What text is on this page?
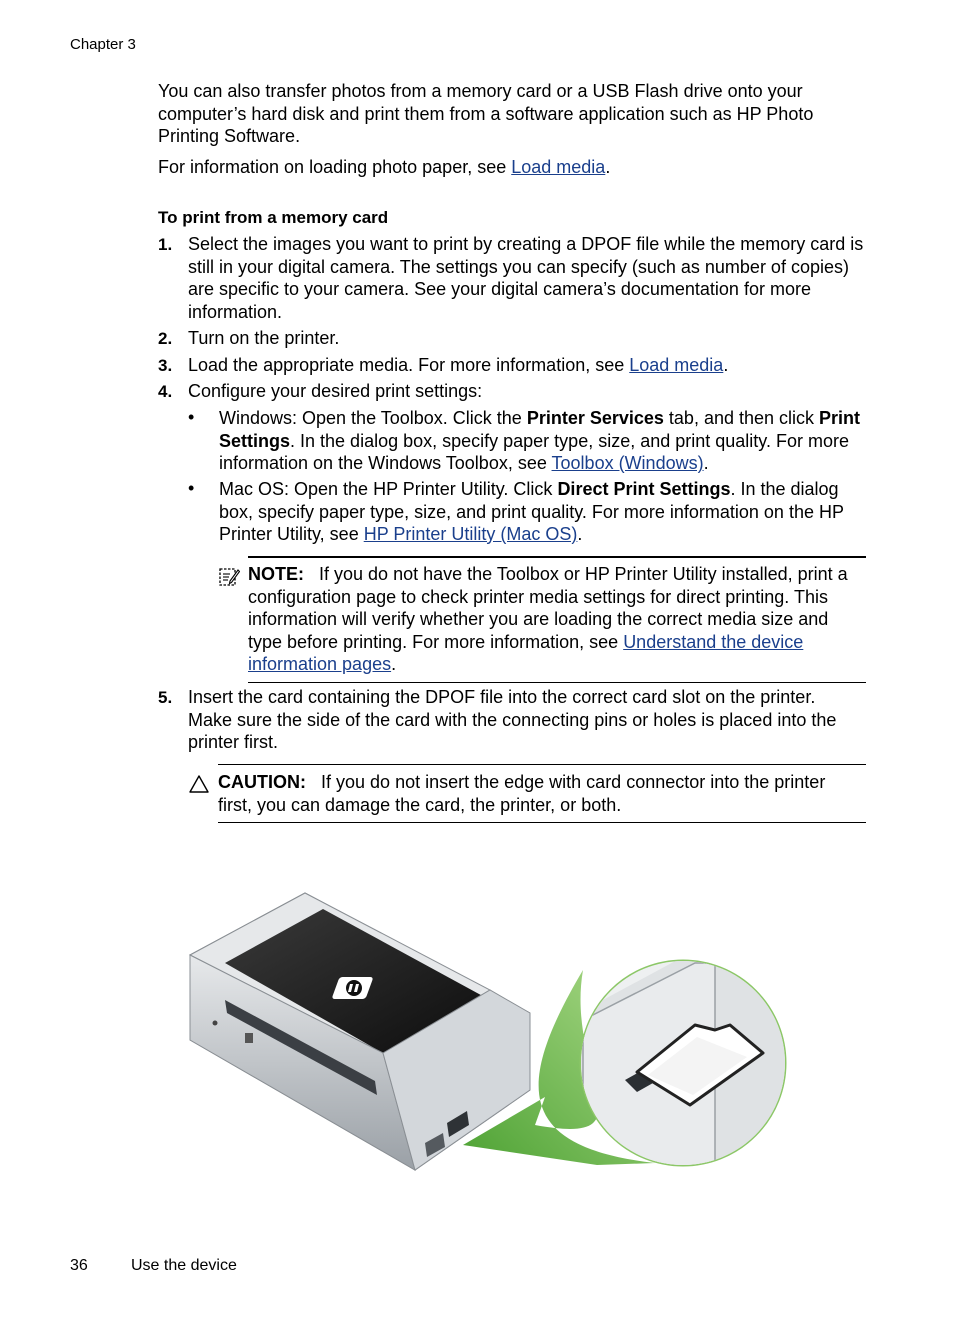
Chapter 3
You can also transfer photos from a memory card or a USB Flash drive onto your computer’s hard disk and print them from a software application such as HP Photo Printing Software.
For information on loading photo paper, see Load media.
To print from a memory card
1. Select the images you want to print by creating a DPOF file while the memory card is still in your digital camera. The settings you can specify (such as number of copies) are specific to your camera. See your digital camera’s documentation for more information.
2. Turn on the printer.
3. Load the appropriate media. For more information, see Load media.
4. Configure your desired print settings:
• Windows: Open the Toolbox. Click the Printer Services tab, and then click Print Settings. In the dialog box, specify paper type, size, and print quality. For more information on the Windows Toolbox, see Toolbox (Windows).
• Mac OS: Open the HP Printer Utility. Click Direct Print Settings. In the dialog box, specify paper type, size, and print quality. For more information on the HP Printer Utility, see HP Printer Utility (Mac OS).
NOTE: If you do not have the Toolbox or HP Printer Utility installed, print a configuration page to check printer media settings for direct printing. This information will verify whether you are loading the correct media size and type before printing. For more information, see Understand the device information pages.
5. Insert the card containing the DPOF file into the correct card slot on the printer. Make sure the side of the card with the connecting pins or holes is placed into the printer first.
CAUTION: If you do not insert the edge with card connector into the printer first, you can damage the card, the printer, or both.
36	Use the device
